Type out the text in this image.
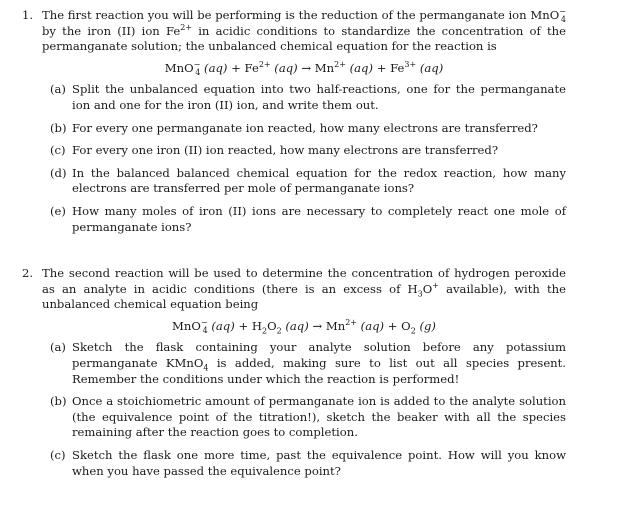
1. The first reaction you will be performing is the reduction of the permanganate ion MnO−$_4$ by the iron (II) ion $Fe^{2+}$ in acidic conditions to standardize the concentration of the permanganate solution; the unbalanced chemical equation for the reaction is
MnO−$_4$ $(aq) + Fe^{2+}$ $(aq) \to Mn^{2+}$ $(aq) + Fe^{3+}$ (aq)
(a) Split the unbalanced equation into two half-reactions, one for the permanganate ion and one for the iron (II) ion, and write them out.
(b) For every one permanganate ion reacted, how many electrons are transferred?
(c) For every one iron (II) ion reacted, how many electrons are transferred?
(d) In the balanced balanced chemical equation for the redox reaction, how many electrons are transferred per mole of permanganate ions?
(e) How many moles of iron (II) ions are necessary to completely react one mole of permanganate ions?
2. The second reaction will be used to determine the concentration of hydrogen peroxide as an analyte in acidic conditions (there is an excess of $H_3O^+$ available), with the unbalanced chemical equation being
MnO−$_4$ $(aq) + H_2O_2$ $(aq) \to Mn^{2+}$ $(aq) + O_2$ (g)
(a) Sketch the flask containing your analyte solution before any potassium permanganate KMnO$_4$ is added, making sure to list out all species present. Remember the conditions under which the reaction is performed!
(b) Once a stoichiometric amount of permanganate ion is added to the analyte solution (the equivalence point of the titration!), sketch the beaker with all the species remaining after the reaction goes to completion.
(c) Sketch the flask one more time, past the equivalence point. How will you know when you have passed the equivalence point?
